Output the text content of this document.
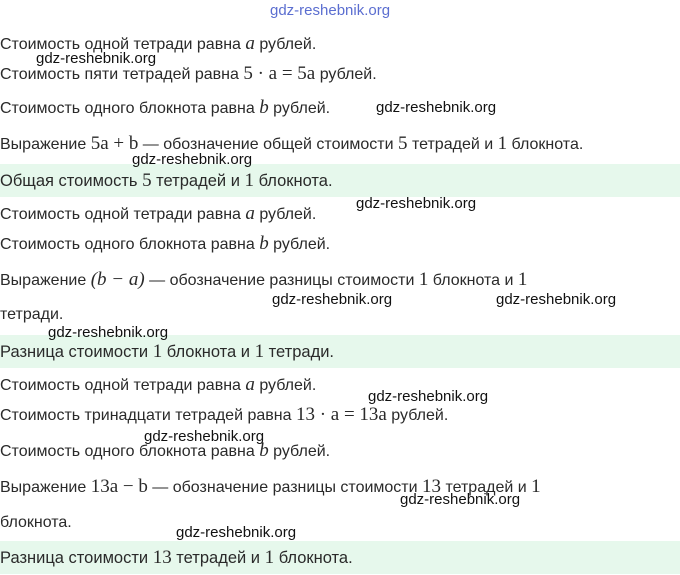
gdz-reshebnik.org
Стоимость одной тетради равна a рублей.
Стоимость пяти тетрадей равна 5 · a = 5a рублей.
Стоимость одного блокнота равна b рублей.
Выражение 5a + b — обозначение общей стоимости 5 тетрадей и 1 блокнота.
Общая стоимость 5 тетрадей и 1 блокнота.
Стоимость одной тетради равна a рублей.
Стоимость одного блокнота равна b рублей.
Выражение (b − a) — обозначение разницы стоимости 1 блокнота и 1
тетради.
Разница стоимости 1 блокнота и 1 тетради.
Стоимость одной тетради равна a рублей.
Стоимость тринадцати тетрадей равна 13 · a = 13a рублей.
Стоимость одного блокнота равна b рублей.
Выражение 13a − b — обозначение разницы стоимости 13 тетрадей и 1
блокнота.
Разница стоимости 13 тетрадей и 1 блокнота.
gdz-reshebnik.org
gdz-reshebnik.org
gdz-reshebnik.org
gdz-reshebnik.org
gdz-reshebnik.org	gdz-reshebnik.org
gdz-reshebnik.org
gdz-reshebnik.org
gdz-reshebnik.org
gdz-reshebnik.org
gdz-reshebnik.org
